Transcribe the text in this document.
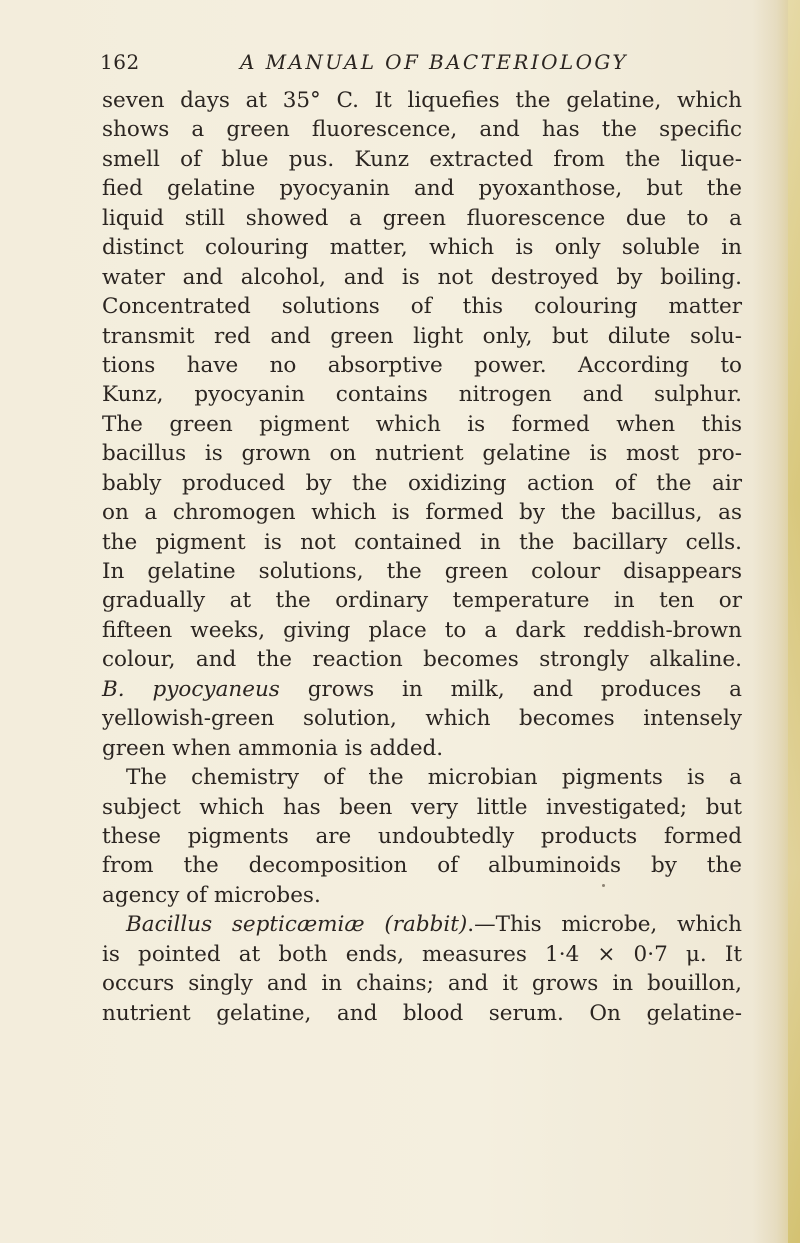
162	A MANUAL OF BACTERIOLOGY
seven days at 35° C. It liquefies the gelatine, which
shows a green fluorescence, and has the specific
smell of blue pus. Kunz extracted from the lique-
fied gelatine pyocyanin and pyoxanthose, but the
liquid still showed a green fluorescence due to a
distinct colouring matter, which is only soluble in
water and alcohol, and is not destroyed by boiling.
Concentrated solutions of this colouring matter
transmit red and green light only, but dilute solu-
tions have no absorptive power. According to
Kunz, pyocyanin contains nitrogen and sulphur.
The green pigment which is formed when this
bacillus is grown on nutrient gelatine is most pro-
bably produced by the oxidizing action of the air
on a chromogen which is formed by the bacillus, as
the pigment is not contained in the bacillary cells.
In gelatine solutions, the green colour disappears
gradually at the ordinary temperature in ten or
fifteen weeks, giving place to a dark reddish-brown
colour, and the reaction becomes strongly alkaline.
B. pyocyaneus grows in milk, and produces a
yellowish-green solution, which becomes intensely
green when ammonia is added.
The chemistry of the microbian pigments is a
subject which has been very little investigated; but
these pigments are undoubtedly products formed
from the decomposition of albuminoids by the
agency of microbes.
Bacillus septicæmiæ (rabbit).—This microbe, which
is pointed at both ends, measures 1·4 × 0·7 μ. It
occurs singly and in chains; and it grows in bouillon,
nutrient gelatine, and blood serum. On gelatine-
